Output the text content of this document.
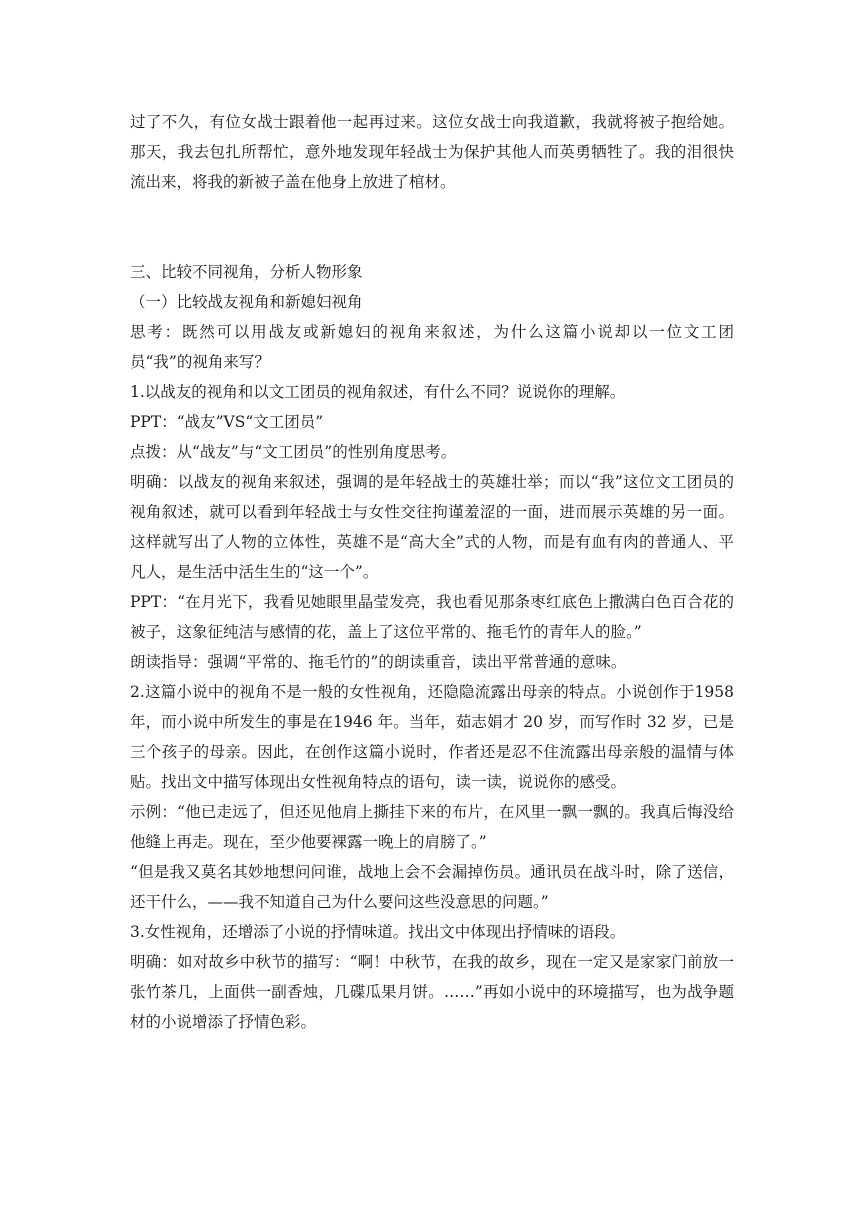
过了不久，有位女战士跟着他一起再过来。这位女战士向我道歉，我就将被子抱给她。那天，我去包扎所帮忙，意外地发现年轻战士为保护其他人而英勇牺牲了。我的泪很快流出来，将我的新被子盖在他身上放进了棺材。

三、比较不同视角，分析人物形象

（一）比较战友视角和新媳妇视角

思考：既然可以用战友或新媳妇的视角来叙述，为什么这篇小说却以一位文工团员“我”的视角来写？

1.以战友的视角和以文工团员的视角叙述，有什么不同？说说你的理解。

PPT：“战友”VS“文工团员”

点拨：从“战友”与“文工团员”的性别角度思考。

明确：以战友的视角来叙述，强调的是年轻战士的英雄壮举；而以“我”这位文工团员的视角叙述，就可以看到年轻战士与女性交往拘谨羞涩的一面，进而展示英雄的另一面。这样就写出了人物的立体性，英雄不是“高大全”式的人物，而是有血有肉的普通人、平凡人，是生活中活生生的“这一个”。

PPT：“在月光下，我看见她眼里晶莹发亮，我也看见那条枣红底色上撒满白色百合花的被子，这象征纯洁与感情的花，盖上了这位平常的、拖毛竹的青年人的脸。”

朗读指导：强调“平常的、拖毛竹的”的朗读重音，读出平常普通的意味。

2.这篇小说中的视角不是一般的女性视角，还隐隐流露出母亲的特点。小说创作于1958年，而小说中所发生的事是在1946 年。当年，茹志娟才 20 岁，而写作时 32 岁，已是三个孩子的母亲。因此，在创作这篇小说时，作者还是忍不住流露出母亲般的温情与体贴。找出文中描写体现出女性视角特点的语句，读一读，说说你的感受。

示例：“他已走远了，但还见他肩上撕挂下来的布片，在风里一飘一飘的。我真后悔没给他缝上再走。现在，至少他要裸露一晚上的肩膀了。”

“但是我又莫名其妙地想问问谁，战地上会不会漏掉伤员。通讯员在战斗时，除了送信，还干什么，——我不知道自己为什么要问这些没意思的问题。”

3.女性视角，还增添了小说的抒情味道。找出文中体现出抒情味的语段。

明确：如对故乡中秋节的描写：“啊！中秋节，在我的故乡，现在一定又是家家门前放一张竹茶几，上面供一副香烛，几碟瓜果月饼。……”再如小说中的环境描写，也为战争题材的小说增添了抒情色彩。
